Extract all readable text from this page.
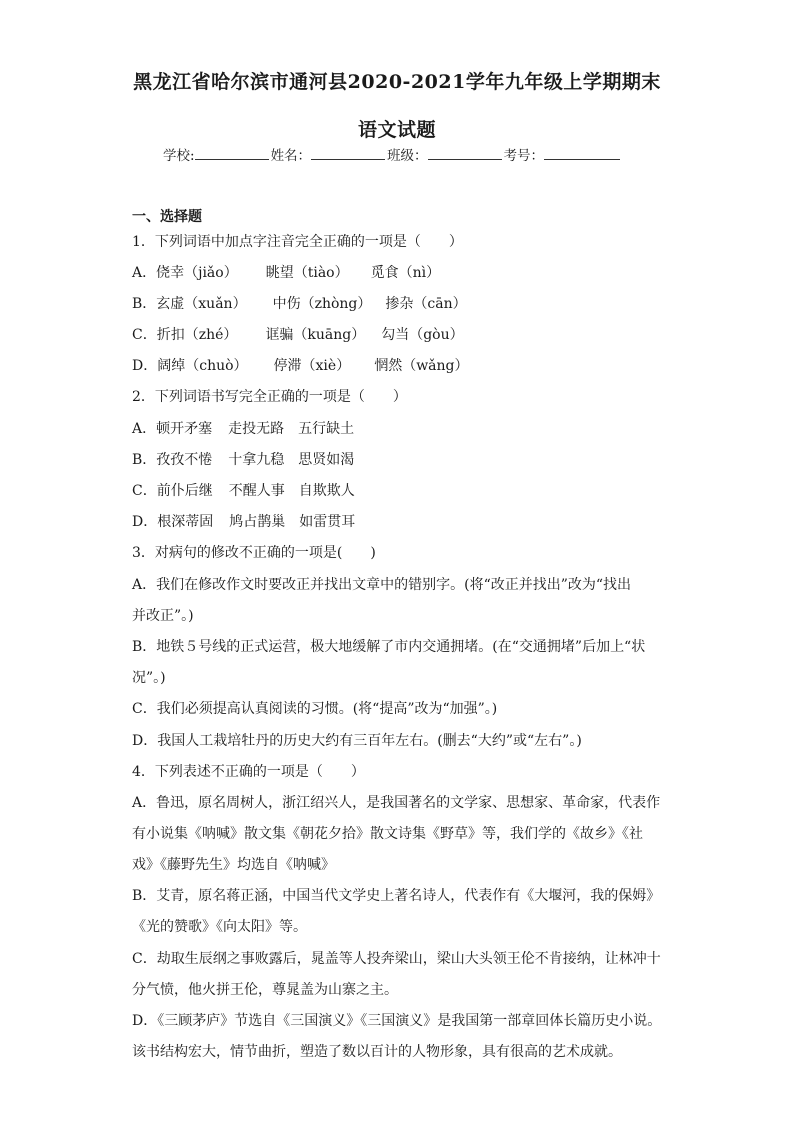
黑龙江省哈尔滨市通河县2020-2021学年九年级上学期期末
语文试题
学校:	姓名：	班级：	考号：
一、选择题
1．下列词语中加点字注音完全正确的一项是（　　）
A．侥幸（jiǎo） 眺望（tiào） 觅食（nì）
B．玄虚（xuǎn） 中伤（zhòng） 掺杂（cān）
C．折扣（zhé） 诓骗（kuāng） 勾当（gòu）
D．阔绰（chuò） 停滞（xiè） 惘然（wǎng）
2．下列词语书写完全正确的一项是（　　）
A．顿开矛塞 走投无路 五行缺土
B．孜孜不惓 十拿九稳 思贤如渴
C．前仆后继 不醒人事 自欺欺人
D．根深蒂固 鸠占鹊巢 如雷贯耳
3．对病句的修改不正确的一项是(　　)
A．我们在修改作文时要改正并找出文章中的错别字。(将“改正并找出”改为“找出
并改正”。)
B．地铁５号线的正式运营，极大地缓解了市内交通拥堵。(在“交通拥堵”后加上“状
况”。)
C．我们必须提高认真阅读的习惯。(将“提高”改为“加强”。)
D．我国人工栽培牡丹的历史大约有三百年左右。(删去“大约”或“左右”。)
4．下列表述不正确的一项是（　　）
A．鲁迅，原名周树人，浙江绍兴人，是我国著名的文学家、思想家、革命家，代表作
有小说集《呐喊》散文集《朝花夕拾》散文诗集《野草》等，我们学的《故乡》《社
戏》《藤野先生》均选自《呐喊》
B．艾青，原名蒋正涵，中国当代文学史上著名诗人，代表作有《大堰河，我的保姆》
《光的赞歌》《向太阳》等。
C．劫取生辰纲之事败露后，晁盖等人投奔梁山，梁山大头领王伦不肯接纳，让林冲十
分气愤，他火拼王伦，尊晁盖为山寨之主。
D．《三顾茅庐》节选自《三国演义》《三国演义》是我国第一部章回体长篇历史小说。
该书结构宏大，情节曲折，塑造了数以百计的人物形象，具有很高的艺术成就。
